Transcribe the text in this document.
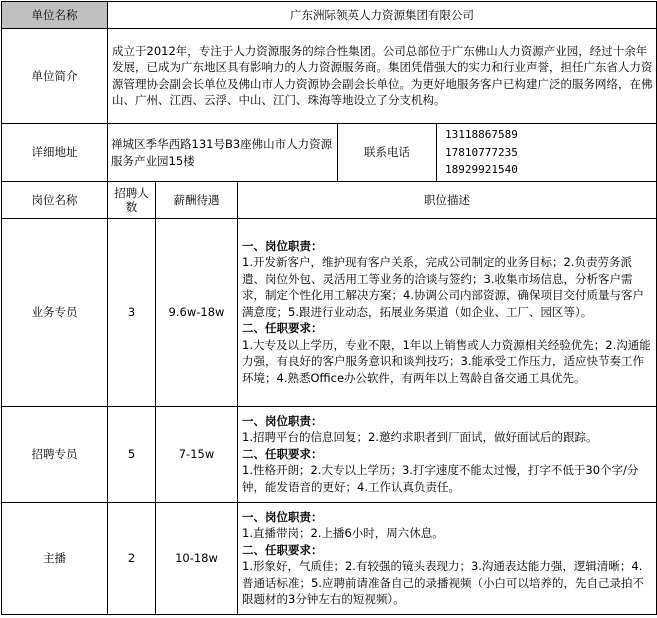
单位名称	广东洲际领英人力资源集团有限公司				
单位简介	成立于2012年，专注于人力资源服务的综合性集团。公司总部位于广东佛山人力资源产业园，经过十余年发展，已成为广东地区具有影响力的人力资源服务商。集团凭借强大的实力和行业声誉，担任广东省人力资源管理协会副会长单位及佛山市人力资源协会副会长单位。为更好地服务客户已构建广泛的服务网络，在佛山、广州、江西、云浮、中山、江门、珠海等地设立了分支机构。				
详细地址	禅城区季华西路131号B3座佛山市人力资源服务产业园15楼			联系电话	13118867589
17810777235
18929921540

岗位名称	招聘人数	薪酬待遇	职位描述		
业务专员	3	9.6w-18w	一、岗位职责：
1.开发新客户，维护现有客户关系，完成公司制定的业务目标；2.负责劳务派遣、岗位外包、灵活用工等业务的洽谈与签约；3.收集市场信息，分析客户需求，制定个性化用工解决方案；4.协调公司内部资源，确保项目交付质量与客户满意度；5.跟进行业动态，拓展业务渠道（如企业、工厂、园区等）。
二、任职要求：
1.大专及以上学历，专业不限，1年以上销售或人力资源相关经验优先；2.沟通能力强，有良好的客户服务意识和谈判技巧；3.能承受工作压力，适应快节奏工作环境；4.熟悉Office办公软件，有两年以上驾龄自备交通工具优先。		
招聘专员	5	7-15w	一、岗位职责：
1.招聘平台的信息回复；2.邀约求职者到厂面试，做好面试后的跟踪。
二、任职要求：
1.性格开朗；2.大专以上学历；3.打字速度不能太过慢，打字不低于30个字/分钟，能发语音的更好；4.工作认真负责任。		
主播	2	10-18w	一、岗位职责：
1.直播带岗；2.上播6小时，周六休息。
二、任职要求：
1.形象好，气质佳；2.有较强的镜头表现力；3.沟通表达能力强，逻辑清晰；4.普通话标准；5.应聘前请准备自己的录播视频（小白可以培养的，先自己录拍不限题材的3分钟左右的短视频）。		
